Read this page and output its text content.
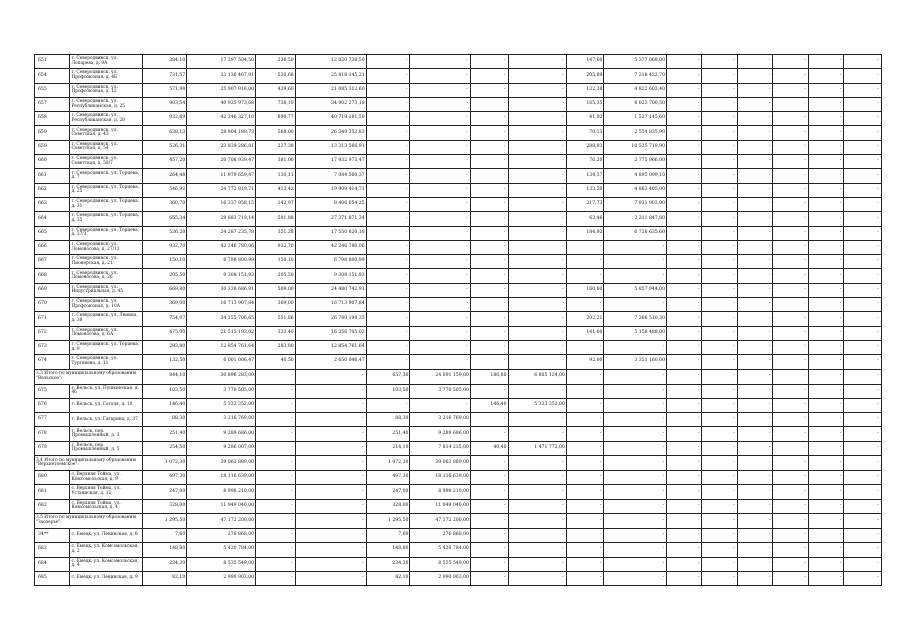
651	г. Северодвинск, ул. Лопарева, д. 9А	384,10	17 397 504,50	236,50	12 020 736,50	-	-	-	-	147,60	5 377 068,00	-	-	-	-	-	-
654	г. Северодвинск, ул. Профсоюзная, д. 4Б	731,57	33 136 467,91	530,68	25 818 145,21	-	-	-	-	205,89	7 318 422,70	-	-	-	-	-	-
655	г. Северодвинск, ул. Профсоюзная, д. 12	571,98	25 907 916,00	439,60	21 085 312,60	-	-	-	-	132,38	4 822 603,40	-	-	-	-	-	-
657	г. Северодвинск, ул. Республиканская, д. 25	903,54	40 925 973,68	738,19	34 902 273,18	-	-	-	-	165,35	6 023 700,50	-	-	-	-	-	-
658	г. Северодвинск, ул. Республиканская, д. 28	932,69	42 246 327,10	890,77	40 719 181,50	-	-	-	-	41,92	1 527 145,60	-	-	-	-	-	-
659	г. Северодвинск, ул. Советская, д. 43	638,13	28 904 189,73	568,00	26 349 353,83	-	-	-	-	70,13	2 554 835,90	-	-	-	-	-	-
659	г. Северодвинск, ул. Советская, д. 54	526,31	23 839 286,81	237,38	13 313 566,91	-	-	-	-	288,93	10 525 719,90	-	-	-	-	-	-
660	г. Северодвинск, ул. Советская, д. 58/7	457,20	20 708 939,47	381,00	17 932 973,47	-	-	-	-	76,20	2 775 966,00	-	-	-	-	-	-
661	г. Северодвинск, ул. Торцева, д. 7	264,48	11 979 659,47	130,11	7 084 560,37	-	-	-	-	134,37	4 895 099,10	-	-	-	-	-	-
662	г. Северодвинск, ул. Торцева, д. 25	546,92	24 772 819,71	413,42	19 909 414,71	-	-	-	-	133,50	4 863 405,00	-	-	-	-	-	-
663	г. Северодвинск, ул. Торцева, д. 31	360,70	16 337 958,15	142,97	8 406 054,25	-	-	-	-	217,73	7 931 903,90	-	-	-	-	-	-
664	г. Северодвинск, ул. Торцева, д. 35	655,34	29 683 719,14	591,88	27 371 871,34	-	-	-	-	63,46	2 311 847,80	-	-	-	-	-	-
665	г. Северодвинск, ул. Торцева, д. 37/3	536,20	24 287 235,78	351,28	17 550 620,18	-	-	-	-	184,92	6 736 635,60	-	-	-	-	-	-
666	г. Северодвинск, ул. Ломоносова, д. 27/13	932,70	42 246 780,06	932,70	42 246 780,06	-	-	-	-	-	-	-	-	-	-	-	-
667	г. Северодвинск, ул. Пионерская, д. 21	150,10	6 798 800,99	150,10	6 798 800,99	-	-	-	-	-	-	-	-	-	-	-	-
668	г. Северодвинск, ул. Ломоносова, д. 26	205,50	9 308 151,93	205,50	9 308 151,93	-	-	-	-	-	-	-	-	-	-	-	-
669	г. Северодвинск, ул. Индустриальная, д. 45	669,80	30 338 686,91	509,00	24 480 742,91	-	-	-	-	160,80	5 857 944,00	-	-	-	-	-	-
670	г. Северодвинск, ул. Профсоюзная, д. 10А	369,00	16 713 907,84	369,00	16 713 907,84	-	-	-	-	-	-	-	-	-	-	-	-
671	г. Северодвинск, ул. Ленина, д. 38	754,07	34 155 706,65	551,86	26 789 198,35	-	-	-	-	202,21	7 366 510,30	-	-	-	-	-	-
672	г. Северодвинск, ул. Ломоносова, д. 6А	475,00	21 515 193,02	333,40	16 356 705,02	-	-	-	-	141,60	5 158 488,00	-	-	-	-	-	-
673	г. Северодвинск, ул. Торцева, д. 9	283,80	12 854 761,64	283,80	12 854 761,64	-	-	-	-	-	-	-	-	-	-	-	-
674	г. Северодвинск, ул. Тургенева, д. 11	132,50	6 001 006,47	40,50	2 650 046,47	-	-	-	-	92,00	3 351 160,00	-	-	-	-	-	-
3.3 Итого по муниципальному образованию "Вельское":		844,10	30 896 283,00	-	-	657,30	24 091 159,00	186,80	6 805 124,00	-	-	-	-	-	-	-	-
675	г. Вельск, ул. Пушкинская, д. 46	103,50	3 770 505,00	-	-	103,50	3 770 505,00	-	-	-	-	-	-	-	-	-	-
676	г. Вельск, ул. Гоголя, д. 10	146,40	5 333 352,00	-	-	-	-	146,40	5 333 352,00	-	-	-	-	-	-	-	-
677	г. Вельск, ул. Гагарина, д. 37	88,30	3 216 769,00	-	-	88,30	3 216 769,00	-	-	-	-	-	-	-	-	-	-
678	г. Вельск, пер. Промышленный, д. 3	251,40	9 289 686,00	-	-	251,40	9 289 686,00	-	-	-	-	-	-	-	-	-	-
679	г. Вельск, пер. Промышленный, д. 5	254,50	9 286 007,00	-	-	214,10	7 814 235,00	40,40	1 471 772,00	-	-	-	-	-	-	-	-
3.4 Итого по муниципальному образованию "Верхнетоемское":		1 072,30	39 063 889,00	-	-	1 072,30	39 063 889,00	-	-	-	-	-	-	-	-	-	-
680	с. Верхняя Тойма, ул. Комсомольская, д. 9	497,30	18 116 639,00	-	-	497,30	18 116 639,00	-	-	-	-	-	-	-	-	-	-
681	с. Верхняя Тойма, ул. Устьянская, д. 12	247,00	8 998 210,00	-	-	247,00	8 998 210,00	-	-	-	-	-	-	-	-	-	-
682	с. Верхняя Тойма, ул. Комсомольская, д. 4	328,00	11 949 040,00	-	-	328,00	11 949 040,00	-	-	-	-	-	-	-	-	-	-
3.5 Итого по муниципальному образованию "Заозерье":		1 295,50	47 172 200,00	-	-	1 295,50	47 172 200,00	-	-	-	-	-	-	-	-	-	-
34**	с. Емецк, ул. Ленинская, д. 8	7,60	276 868,00	-	-	7,60	276 868,00	-	-	-	-	-	-	-	-	-	-
683	с. Емецк, ул. Комсомольская, д. 2	148,80	5 420 784,00	-	-	148,80	5 420 784,00	-	-	-	-	-	-	-	-	-	-
684	с. Емецк, ул. Комсомольская, д. 4	234,30	8 535 549,00	-	-	234,30	8 535 549,00	-	-	-	-	-	-	-	-	-	-
685	с. Емецк, ул. Ленинская, д. 9	82,10	2 990 903,00	-	-	82,10	2 990 903,00	-	-	-	-	-	-	-	-	-	-
